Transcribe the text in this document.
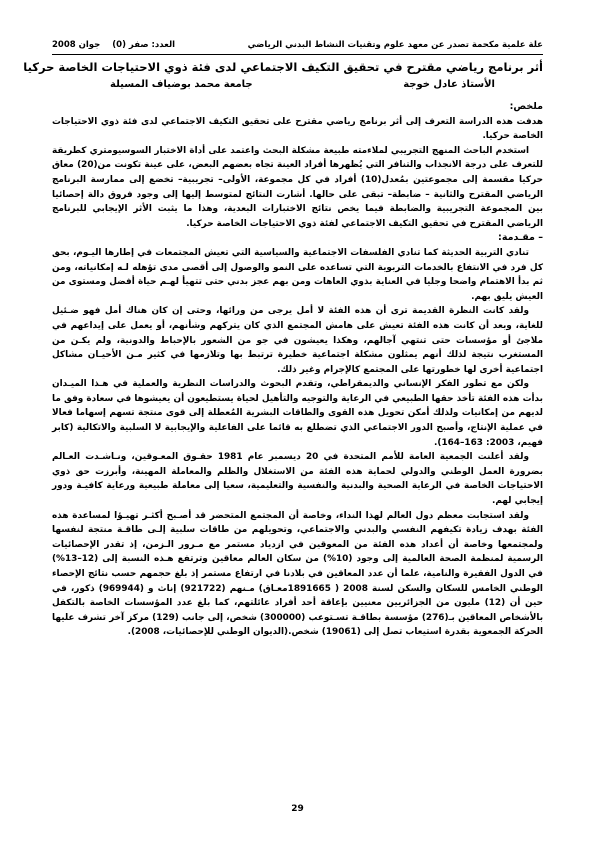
علة علمية مكحمة تصدر عن معهد علوم وتقنيات النشاط البدني الرياضي
العدد: صفر (0)
جوان 2008
أثر برنامج رياضي مقترح في تحقيق التكيف الاجتماعي لدى فئة ذوي الاحتياجات الخاصة حركيا
الأستاذ عادل خوجة
جامعة محمد بوضياف المسيلة

ملخص:

هدفت هذه الدراسة التعرف إلى أثر برنامج رياضي مقترح على تحقيق التكيف الاجتماعي لدى فئة ذوي الاحتياجات الخاصة حركيا.

استخدم الباحث المنهج التجريبي لملاءمته طبيعة مشكلة البحث واعتمد على أداة الاختبار السوسيومتري كطريقة للتعرف على درجة الانجذاب والتنافر التي يُظهرها أفراد العينة تجاه بعضهم البعض، على عينة تكونت من(20) معاق حركيا مقسمة إلى مجموعتين بمُعدل(10) أفراد في كل مجموعة، الأولى– تجريبية– تخضع إلى ممارسة البرنامج الرياضي المقترح والثانية – ضابطة– تبقى على حالها. أشارت النتائج لمتوسط إليها إلى وجود فروق دالة إحصائيا بين المجموعة التجريبية والضابطة فيما يخص نتائج الاختبارات البعدية، وهذا ما يثبت الأثر الإيجابي للبرنامج الرياضي المقترح في تحقيق التكيف الاجتماعي لفئة ذوي الاحتياجات الخاصة حركيا.

– مقـدمة:

تنادي التربية الحديثة كما تنادي الفلسفات الاجتماعية والسياسية التي تعيش المجتمعات في إطارها اليـوم، بحق كل فرد في الانتفاع بالخدمات التربوية التي تساعده على النمو والوصول إلى أقصى مدى تؤهله لـه إمكانياته، ومن ثم بدأ الاهتمام واضحا وجليا في العناية بذوي العاهات ومن بهم عجز بدني حتى تتهيأ لهـم حياة أفضل ومستوى من العيش يليق بهم.

ولقد كانت النظرة القديمة ترى أن هذه الفئة لا أمل يرجى من ورائها، وحتى إن كان هناك أمل فهو ضـئيل للغاية، وبعد أن كانت هذه الفئة تعيش على هامش المجتمع الذي كان يتركهم وشأنهم، أو يعمل على إيداعهم في ملاجئ أو مؤسسات حتى تنتهي آجالهم، وهكذا يعيشون في جو من الشعور بالإحباط والدونية، ولم يكـن من المستغرب نتيجة لذلك أنهم يمثلون مشكلة اجتماعية خطيرة ترتبط بها وتلازمها في كثير مـن الأحيـان مشاكل اجتماعية أخرى لها خطورتها على المجتمع كالإجرام وغير ذلك.

ولكن مع تطور الفكر الإنساني والديمقراطي، وتقدم البحوث والدراسات النظرية والعملية في هـذا الميـدان بدأت هذه الفئة تأخذ حقها الطبيعي في الرعاية والتوجيه والتأهيل لحياة يستطيعون أن يعيشوها في سعادة وفق ما لديهم من إمكانيات ولذلك أمكن تحويل هذه القوى والطاقات البشرية المُعطلة إلى قوى منتجة تسهم إسهاما فعالا في عملية الإنتاج، وأصبح الدور الاجتماعي الذي تضطلع به قائما على الفاعلية والإيجابية لا السلبية والاتكالية (كابر فهيم، 2003: 163–164).

ولقد أعلنت الجمعية العامة للأمم المتحدة في 20 ديسمبر عام 1981 حقـوق المعـوقين، ونـاشـدت العـالم بضرورة العمل الوطني والدولي لحماية هذه الفئة من الاستغلال والظلم والمعاملة المهينة، وأبرزت حق ذوي الاحتياجات الخاصة في الرعاية الصحية والبدنية والنفسية والتعليمية، سعيا إلى معاملة طبيعية ورعاية كافيـة ودور إيجابي لهم.

ولقد استجابت معظم دول العالم لهذا النداء، وخاصة أن المجتمع المتحضر قد أصـبح أكثـر تهيـؤا لمساعدة هذه الفئة بهدف زيادة تكيفهم النفسي والبدني والاجتماعي، وتحويلهم من طاقات سلبية إلـى طاقـة منتجة لنفسها ولمجتمعها وخاصة أن أعداد هذه الفئة من المعوقين في ازدياد مستمر مع مـرور الـزمن، إذ تقدر الإحصائيات الرسمية لمنظمة الصحة العالمية إلى وجود (10%) من سكان العالم معاقين وترتفع هـذه النسبة إلى (12–13%) في الدول الفقيرة والنامية، علما أن عدد المعاقين في بلادنا في ارتفاع مستمر إذ بلغ حجمهم حسب نتائج الإحصاء الوطني الخامس للسكان والسكن لسنة 2008 ( 1891665معـاق) مـنهم (921722) إناث و (969944) ذكور، في حين أن (12) مليون من الجزائريين معنيين بإعاقة أحد أفراد عائلتهم، كما بلغ عدد المؤسسات الخاصة بالتكفل بالأشخاص المعاقين بـ(276) مؤسسة بطاقـة تسـتوعب (300000) شخص، إلى جانب (129) مركز آخر تشرف عليها الحركة الجمعوية بقدرة استيعاب تصل إلى (19061) شخص.(الديوان الوطني للإحصائيات، 2008).

29
